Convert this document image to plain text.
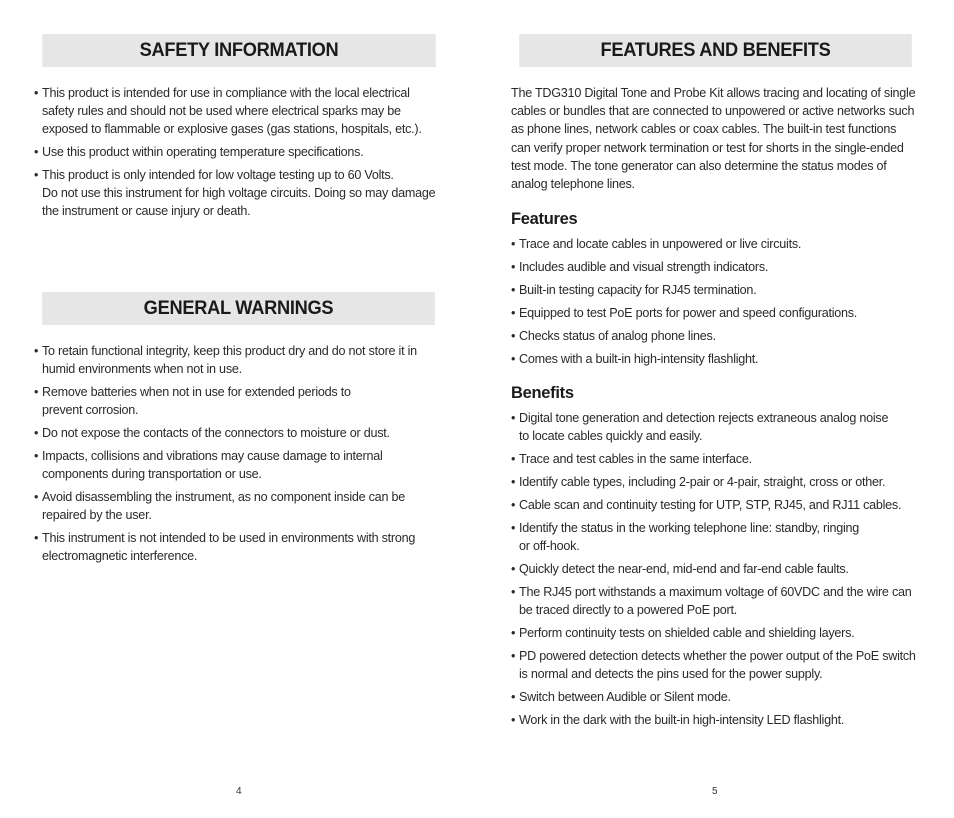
SAFETY INFORMATION
• This product is intended for use in compliance with the local electrical
safety rules and should not be used where electrical sparks may be
exposed to flammable or explosive gases (gas stations, hospitals, etc.).
• Use this product within operating temperature specifications.
• This product is only intended for low voltage testing up to 60 Volts.
Do not use this instrument for high voltage circuits. Doing so may damage
the instrument or cause injury or death.
GENERAL WARNINGS
• To retain functional integrity, keep this product dry and do not store it in
humid environments when not in use.
• Remove batteries when not in use for extended periods to
prevent corrosion.
• Do not expose the contacts of the connectors to moisture or dust.
• Impacts, collisions and vibrations may cause damage to internal
components during transportation or use.
• Avoid disassembling the instrument, as no component inside can be
repaired by the user.
• This instrument is not intended to be used in environments with strong
electromagnetic interference.
4
FEATURES AND BENEFITS

The TDG310 Digital Tone and Probe Kit allows tracing and locating of single
cables or bundles that are connected to unpowered or active networks such
as phone lines, network cables or coax cables. The built-in test functions
can verify proper network termination or test for shorts in the single-ended
test mode. The tone generator can also determine the status modes of
analog telephone lines.

Features
• Trace and locate cables in unpowered or live circuits.
• Includes audible and visual strength indicators.
• Built-in testing capacity for RJ45 termination.
• Equipped to test PoE ports for power and speed configurations.
• Checks status of analog phone lines.
• Comes with a built-in high-intensity flashlight.
Benefits
• Digital tone generation and detection rejects extraneous analog noise
to locate cables quickly and easily.
• Trace and test cables in the same interface.
• Identify cable types, including 2-pair or 4-pair, straight, cross or other.
• Cable scan and continuity testing for UTP, STP, RJ45, and RJ11 cables.
• Identify the status in the working telephone line: standby, ringing
or off-hook.
• Quickly detect the near-end, mid-end and far-end cable faults.
• The RJ45 port withstands a maximum voltage of 60VDC and the wire can
be traced directly to a powered PoE port.
• Perform continuity tests on shielded cable and shielding layers.
• PD powered detection detects whether the power output of the PoE switch
is normal and detects the pins used for the power supply.
• Switch between Audible or Silent mode.
• Work in the dark with the built-in high-intensity LED flashlight.
5
